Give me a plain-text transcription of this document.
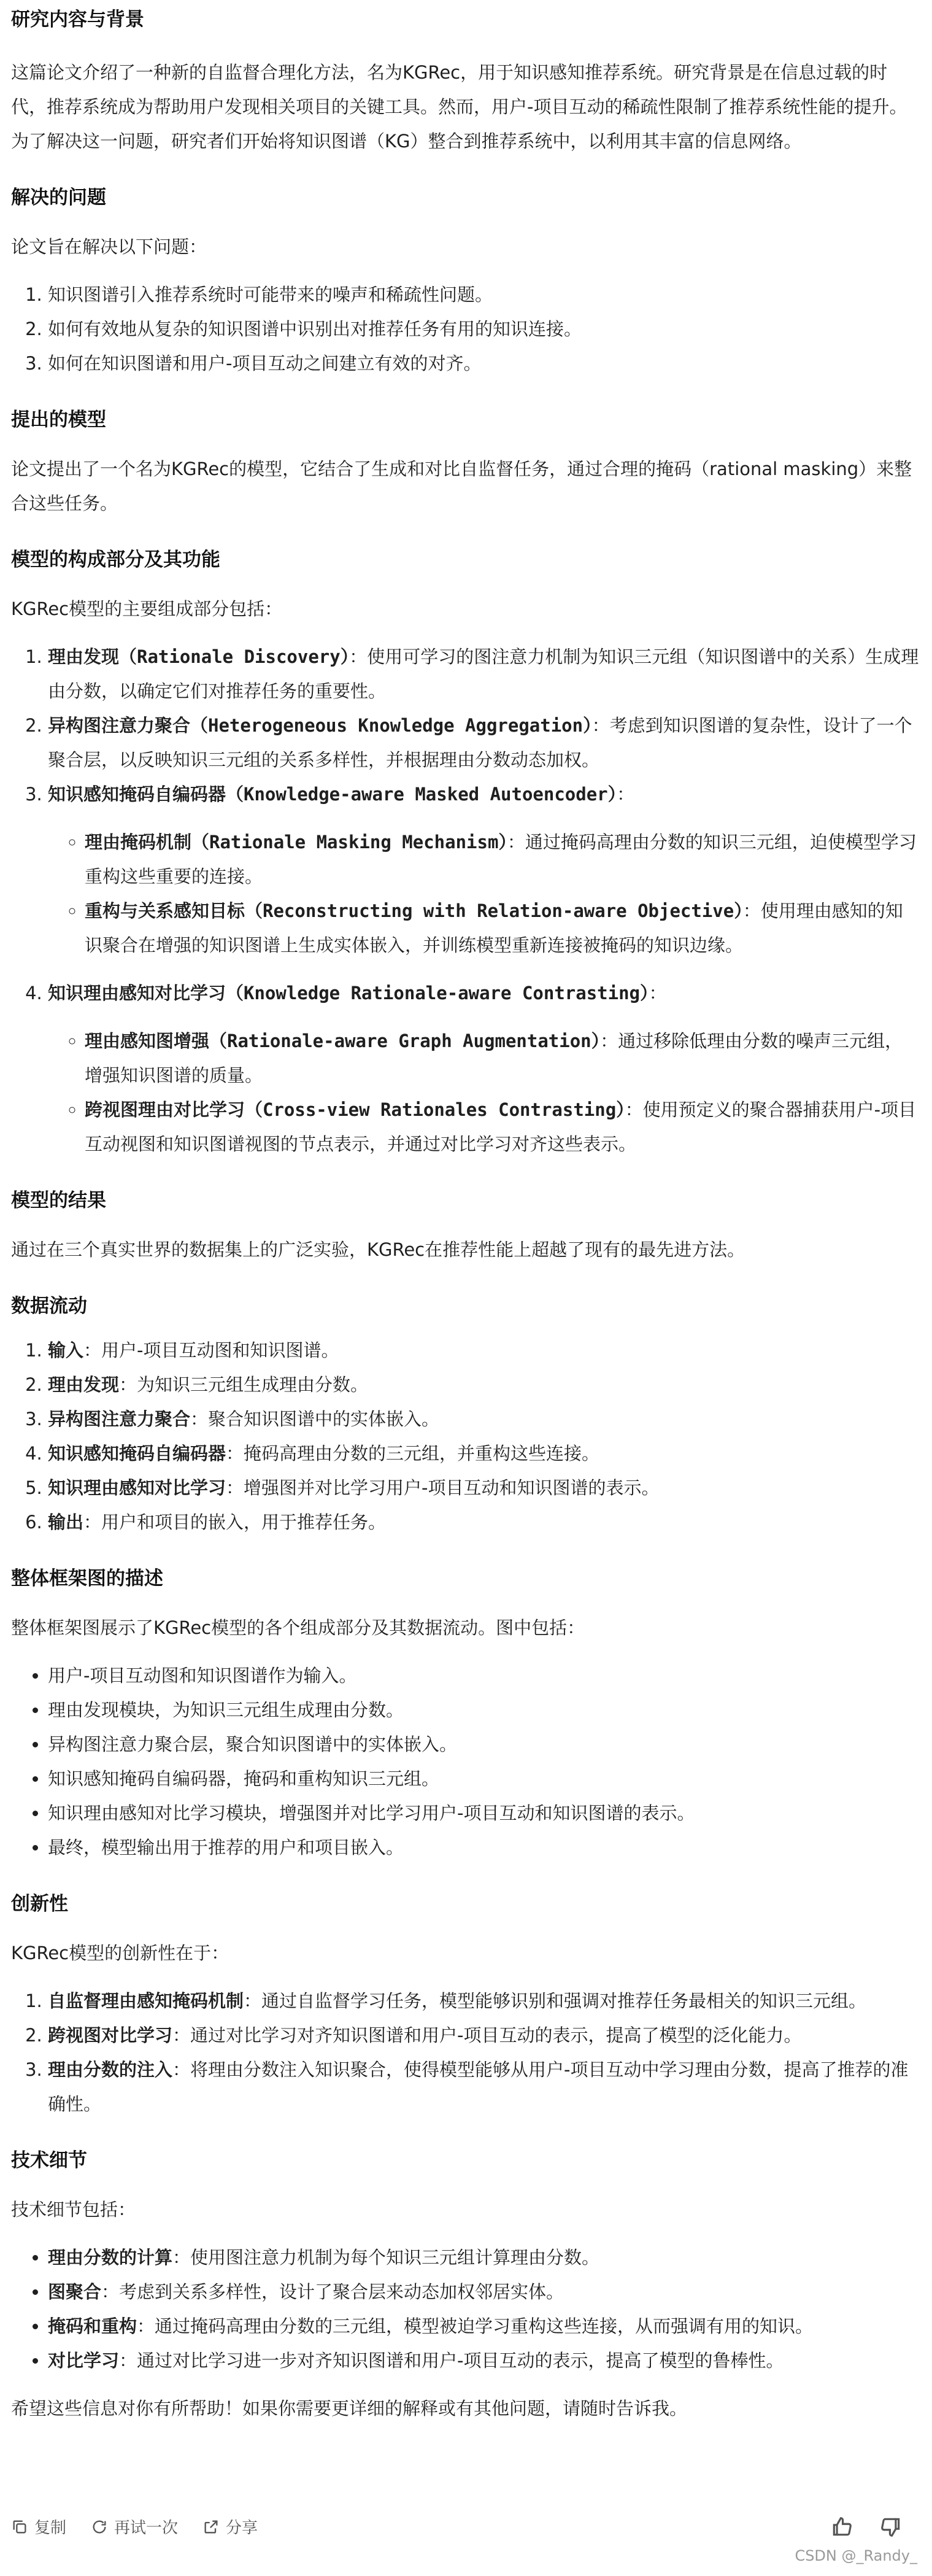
研究内容与背景

这篇论文介绍了一种新的自监督合理化方法，名为KGRec，用于知识感知推荐系统。研究背景是在信息过载的时代，推荐系统成为帮助用户发现相关项目的关键工具。然而，用户-项目互动的稀疏性限制了推荐系统性能的提升。为了解决这一问题，研究者们开始将知识图谱（KG）整合到推荐系统中，以利用其丰富的信息网络。

解决的问题

论文旨在解决以下问题：

1. 知识图谱引入推荐系统时可能带来的噪声和稀疏性问题。
2. 如何有效地从复杂的知识图谱中识别出对推荐任务有用的知识连接。
3. 如何在知识图谱和用户-项目互动之间建立有效的对齐。
提出的模型

论文提出了一个名为KGRec的模型，它结合了生成和对比自监督任务，通过合理的掩码（rational masking）来整合这些任务。

模型的构成部分及其功能

KGRec模型的主要组成部分包括：

1. 理由发现（Rationale Discovery）：使用可学习的图注意力机制为知识三元组（知识图谱中的关系）生成理由分数，以确定它们对推荐任务的重要性。
2. 异构图注意力聚合（Heterogeneous Knowledge Aggregation）：考虑到知识图谱的复杂性，设计了一个聚合层，以反映知识三元组的关系多样性，并根据理由分数动态加权。
3. 知识感知掩码自编码器（Knowledge-aware Masked Autoencoder）：
◦ 理由掩码机制（Rationale Masking Mechanism）：通过掩码高理由分数的知识三元组，迫使模型学习重构这些重要的连接。
◦ 重构与关系感知目标（Reconstructing with Relation-aware Objective）：使用理由感知的知识聚合在增强的知识图谱上生成实体嵌入，并训练模型重新连接被掩码的知识边缘。
4. 知识理由感知对比学习（Knowledge Rationale-aware Contrasting）：
◦ 理由感知图增强（Rationale-aware Graph Augmentation）：通过移除低理由分数的噪声三元组，增强知识图谱的质量。
◦ 跨视图理由对比学习（Cross-view Rationales Contrasting）：使用预定义的聚合器捕获用户-项目互动视图和知识图谱视图的节点表示，并通过对比学习对齐这些表示。
模型的结果

通过在三个真实世界的数据集上的广泛实验，KGRec在推荐性能上超越了现有的最先进方法。

数据流动
1. 输入：用户-项目互动图和知识图谱。
2. 理由发现：为知识三元组生成理由分数。
3. 异构图注意力聚合：聚合知识图谱中的实体嵌入。
4. 知识感知掩码自编码器：掩码高理由分数的三元组，并重构这些连接。
5. 知识理由感知对比学习：增强图并对比学习用户-项目互动和知识图谱的表示。
6. 输出：用户和项目的嵌入，用于推荐任务。
整体框架图的描述

整体框架图展示了KGRec模型的各个组成部分及其数据流动。图中包括：

• 用户-项目互动图和知识图谱作为输入。
• 理由发现模块，为知识三元组生成理由分数。
• 异构图注意力聚合层，聚合知识图谱中的实体嵌入。
• 知识感知掩码自编码器，掩码和重构知识三元组。
• 知识理由感知对比学习模块，增强图并对比学习用户-项目互动和知识图谱的表示。
• 最终，模型输出用于推荐的用户和项目嵌入。
创新性

KGRec模型的创新性在于：

1. 自监督理由感知掩码机制：通过自监督学习任务，模型能够识别和强调对推荐任务最相关的知识三元组。
2. 跨视图对比学习：通过对比学习对齐知识图谱和用户-项目互动的表示，提高了模型的泛化能力。
3. 理由分数的注入：将理由分数注入知识聚合，使得模型能够从用户-项目互动中学习理由分数，提高了推荐的准确性。
技术细节

技术细节包括：

• 理由分数的计算：使用图注意力机制为每个知识三元组计算理由分数。
• 图聚合：考虑到关系多样性，设计了聚合层来动态加权邻居实体。
• 掩码和重构：通过掩码高理由分数的三元组，模型被迫学习重构这些连接，从而强调有用的知识。
• 对比学习：通过对比学习进一步对齐知识图谱和用户-项目互动的表示，提高了模型的鲁棒性。

希望这些信息对你有所帮助！如果你需要更详细的解释或有其他问题，请随时告诉我。

复制	再试一次	分享
CSDN @_Randy_
